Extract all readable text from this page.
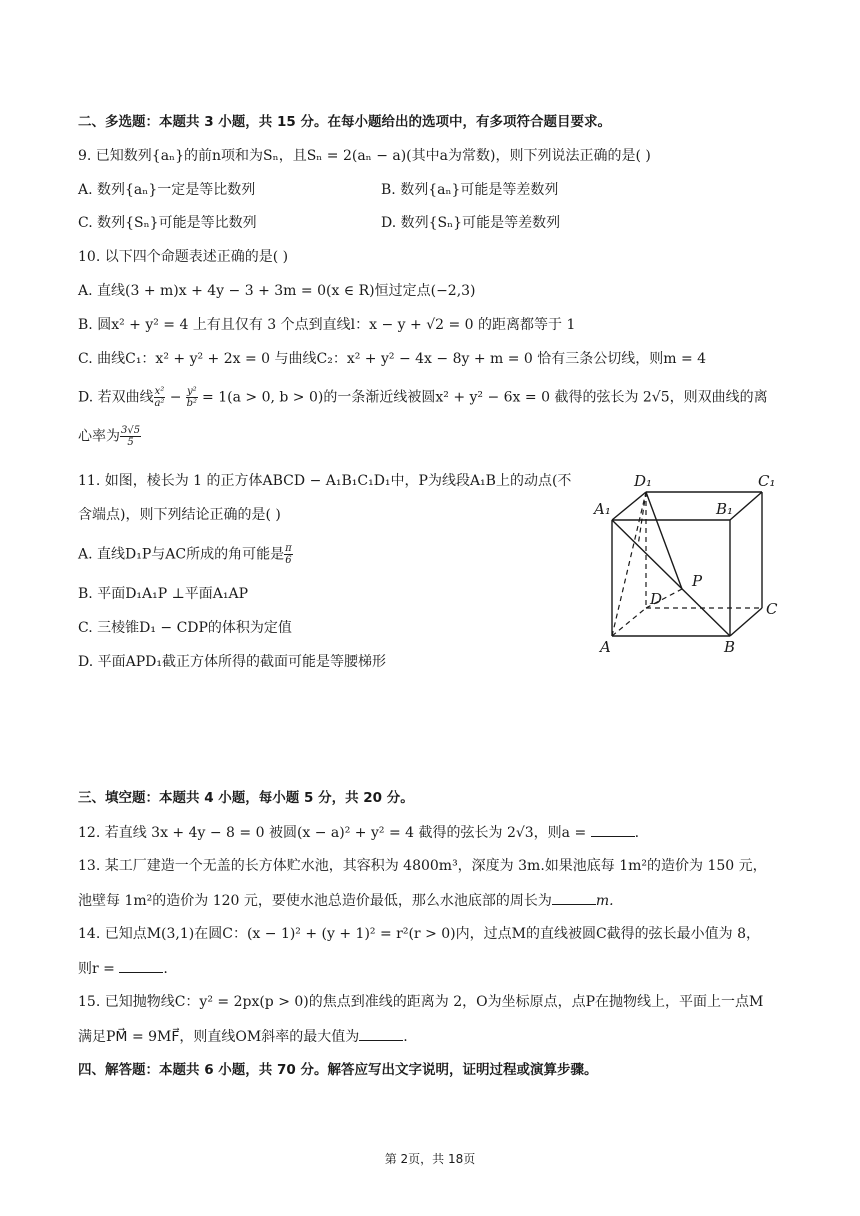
二、多选题：本题共 3 小题，共 15 分。在每小题给出的选项中，有多项符合题目要求。
9. 已知数列{aₙ}的前n项和为Sₙ，且Sₙ = 2(aₙ − a)(其中a为常数)，则下列说法正确的是( )
A. 数列{aₙ}一定是等比数列	B. 数列{aₙ}可能是等差数列
C. 数列{Sₙ}可能是等比数列	D. 数列{Sₙ}可能是等差数列
10. 以下四个命题表述正确的是( )
A. 直线(3 + m)x + 4y − 3 + 3m = 0(x ∈ R)恒过定点(−2,3)
B. 圆x² + y² = 4 上有且仅有 3 个点到直线l：x − y + √2 = 0 的距离都等于 1
C. 曲线C₁：x² + y² + 2x = 0 与曲线C₂：x² + y² − 4x − 8y + m = 0 恰有三条公切线，则m = 4
D. 若双曲线 $\frac{\text{x²}}{\text{a²}} - \frac{\text{y²}}{\text{b²}} = 1(a > 0$, b > 0)的一条渐近线被圆x² + y² − 6x = 0 截得的弦长为 2√5，则双曲线的离
心率为 $\frac{3√5}{5}$
11. 如图，棱长为 1 的正方体ABCD − A₁B₁C₁D₁中，P为线段A₁B上的动点(不
含端点)，则下列结论正确的是( )
A. 直线D₁P与AC所成的角可能是 $\frac{\pi}{6}$
B. 平面D₁A₁P ⊥平面A₁AP
C. 三棱锥D₁ − CDP的体积为定值
D. 平面APD₁截正方体所得的截面可能是等腰梯形
D₁	C₁
A₁	B₁
P
D
C
A	B
三、填空题：本题共 4 小题，每小题 5 分，共 20 分。
12. 若直线 3x + 4y − 8 = 0 被圆(x − a)² + y² = 4 截得的弦长为 2√3，则a =	.
13. 某工厂建造一个无盖的长方体贮水池，其容积为 4800m³，深度为 3m.如果池底每 1m²的造价为 150 元，
池壁每 1m²的造价为 120 元，要使水池总造价最低，那么水池底部的周长为	m.
14. 已知点M(3,1)在圆C：(x − 1)² + (y + 1)² = r²(r > 0)内，过点M的直线被圆C截得的弦长最小值为 8，
则r =	.
15. 已知抛物线C：y² = 2px(p > 0)的焦点到准线的距离为 2，O为坐标原点，点P在抛物线上，平面上一点M
满足PM⃗ = 9MF⃗，则直线OM斜率的最大值为	.
四、解答题：本题共 6 小题，共 70 分。解答应写出文字说明，证明过程或演算步骤。
第 2页，共 18页
